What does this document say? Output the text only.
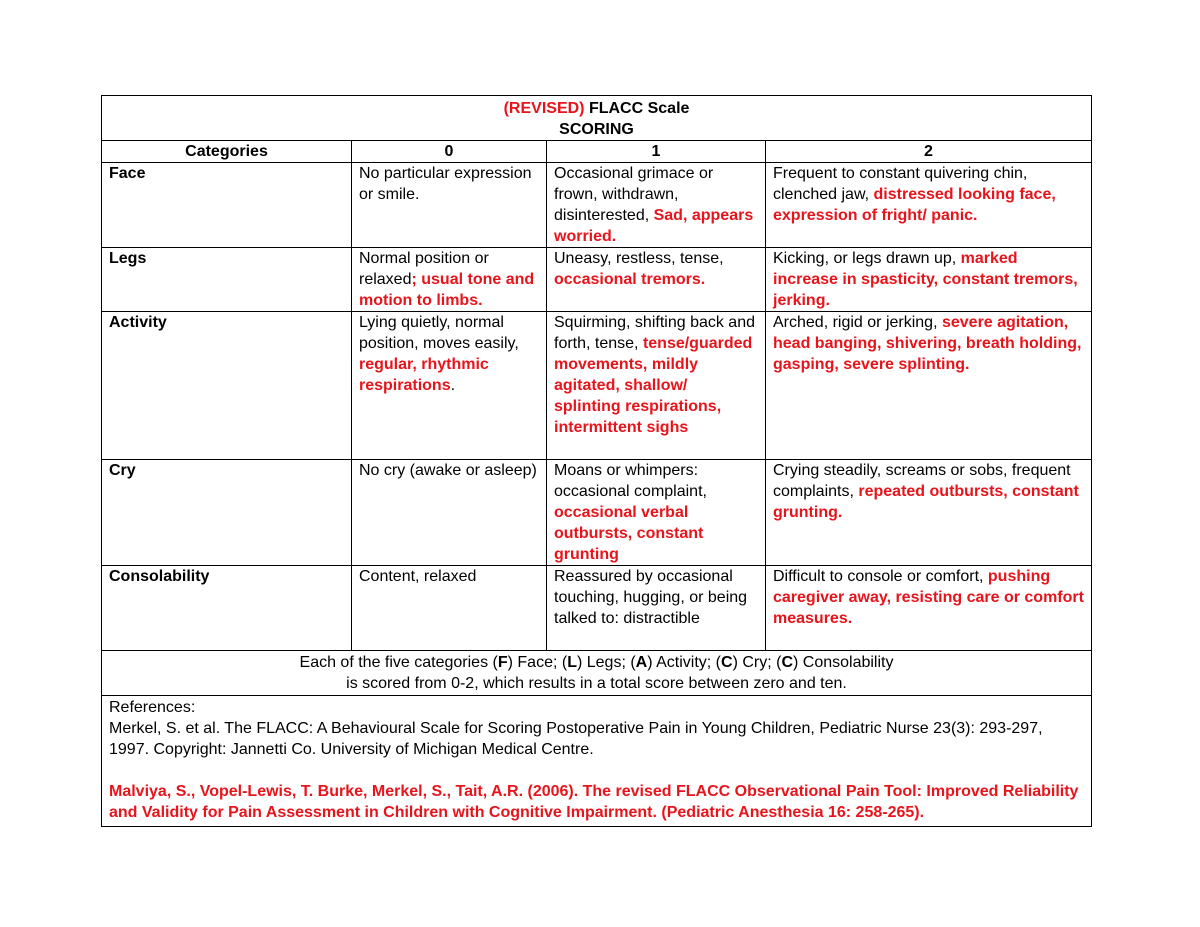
(REVISED) FLACC Scale
SCORING			
Categories	0	1	2
Face	No particular expression or smile.	Occasional grimace or frown, withdrawn, disinterested, Sad, appears worried.	Frequent to constant quivering chin, clenched jaw, distressed looking face, expression of fright/ panic.
Legs	Normal position or relaxed; usual tone and motion to limbs.	Uneasy, restless, tense, occasional tremors.	Kicking, or legs drawn up, marked increase in spasticity, constant tremors, jerking.
Activity	Lying quietly, normal position, moves easily, regular, rhythmic respirations.	Squirming, shifting back and forth, tense, tense/guarded movements, mildly agitated, shallow/ splinting respirations, intermittent sighs	Arched, rigid or jerking, severe agitation, head banging, shivering, breath holding, gasping, severe splinting.
Cry	No cry (awake or asleep)	Moans or whimpers: occasional complaint, occasional verbal outbursts, constant grunting	Crying steadily, screams or sobs, frequent complaints, repeated outbursts, constant grunting.
Consolability	Content, relaxed	Reassured by occasional touching, hugging, or being talked to: distractible	Difficult to console or comfort, pushing caregiver away, resisting care or comfort measures.
Each of the five categories (F) Face; (L) Legs; (A) Activity; (C) Cry; (C) Consolability
is scored from 0-2, which results in a total score between zero and ten.			
References:
Merkel, S. et al. The FLACC: A Behavioural Scale for Scoring Postoperative Pain in Young Children, Pediatric Nurse 23(3): 293-297, 1997. Copyright: Jannetti Co. University of Michigan Medical Centre.
Malviya, S., Vopel-Lewis, T. Burke, Merkel, S., Tait, A.R. (2006). The revised FLACC Observational Pain Tool: Improved Reliability and Validity for Pain Assessment in Children with Cognitive Impairment. (Pediatric Anesthesia 16: 258-265).			
